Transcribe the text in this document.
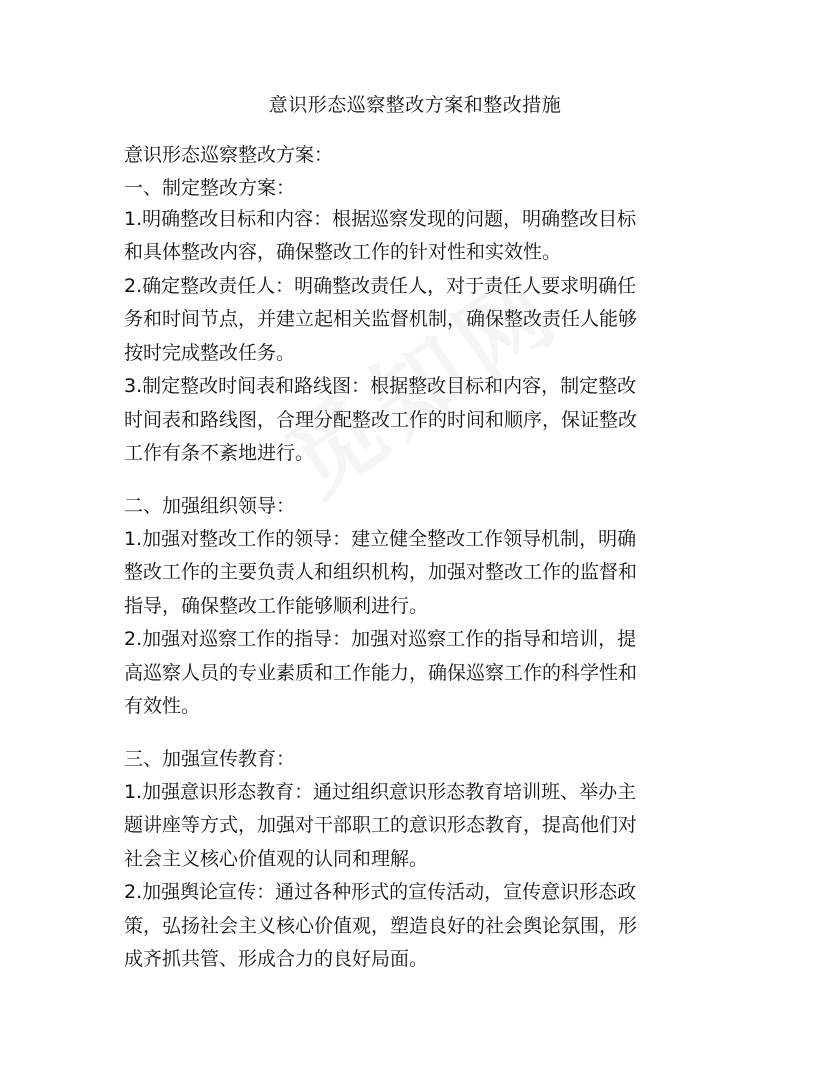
意识形态巡察整改方案和整改措施
意识形态巡察整改方案：
一、制定整改方案：
1.明确整改目标和内容：根据巡察发现的问题，明确整改目标
和具体整改内容，确保整改工作的针对性和实效性。
2.确定整改责任人：明确整改责任人，对于责任人要求明确任
务和时间节点，并建立起相关监督机制，确保整改责任人能够
按时完成整改任务。
3.制定整改时间表和路线图：根据整改目标和内容，制定整改
时间表和路线图，合理分配整改工作的时间和顺序，保证整改
工作有条不紊地进行。
二、加强组织领导：
1.加强对整改工作的领导：建立健全整改工作领导机制，明确
整改工作的主要负责人和组织机构，加强对整改工作的监督和
指导，确保整改工作能够顺利进行。
2.加强对巡察工作的指导：加强对巡察工作的指导和培训，提
高巡察人员的专业素质和工作能力，确保巡察工作的科学性和
有效性。
三、加强宣传教育：
1.加强意识形态教育：通过组织意识形态教育培训班、举办主
题讲座等方式，加强对干部职工的意识形态教育，提高他们对
社会主义核心价值观的认同和理解。
2.加强舆论宣传：通过各种形式的宣传活动，宣传意识形态政
策，弘扬社会主义核心价值观，塑造良好的社会舆论氛围，形
成齐抓共管、形成合力的良好局面。
